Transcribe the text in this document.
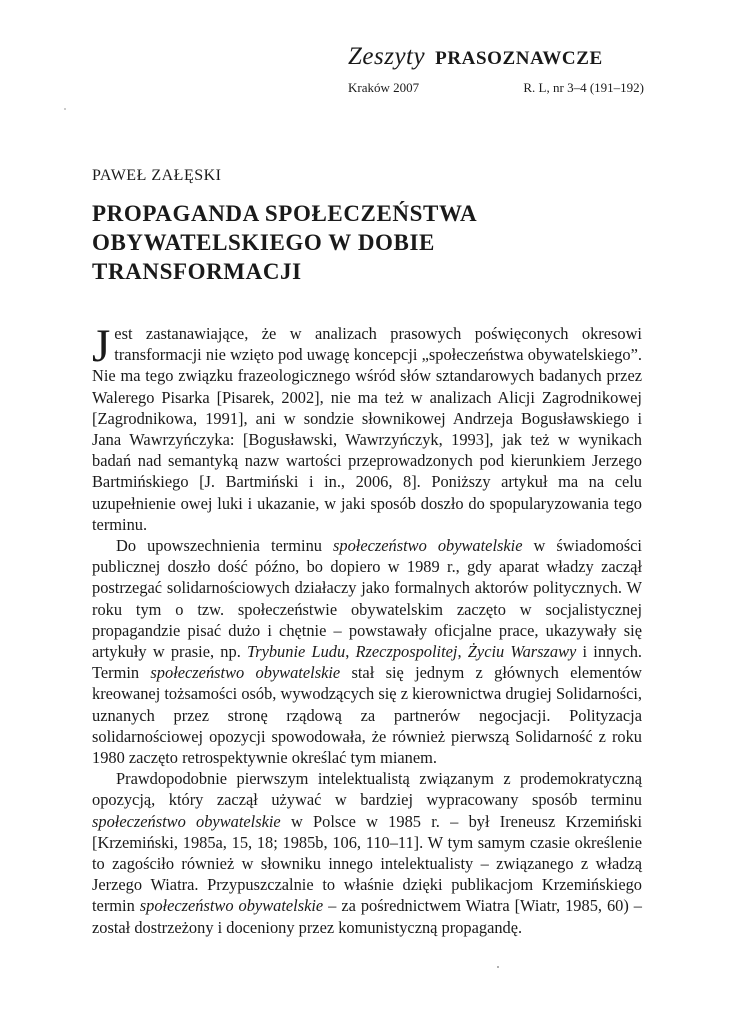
Zeszyty PRASOZNAWCZE
Kraków 2007	R. L, nr 3–4 (191–192)
PAWEŁ ZAŁĘSKI
PROPAGANDA SPOŁECZEŃSTWA
OBYWATELSKIEGO W DOBIE
TRANSFORMACJI

Jest zastanawiające, że w analizach prasowych poświęconych okresowi transformacji nie wzięto pod uwagę koncepcji „społeczeństwa obywatelskiego”. Nie ma tego związku frazeologicznego wśród słów sztandarowych badanych przez Walerego Pisarka [Pisarek, 2002], nie ma też w analizach Alicji Zagrodnikowej [Zagrodnikowa, 1991], ani w sondzie słownikowej Andrzeja Bogusławskiego i Jana Wawrzyńczyka: [Bogusławski, Wawrzyńczyk, 1993], jak też w wynikach badań nad semantyką nazw wartości przeprowadzonych pod kierunkiem Jerzego Bartmińskiego [J. Bartmiński i in., 2006, 8]. Poniższy artykuł ma na celu uzupełnienie owej luki i ukazanie, w jaki sposób doszło do spopularyzowania tego terminu.

Do upowszechnienia terminu społeczeństwo obywatelskie w świadomości publicznej doszło dość późno, bo dopiero w 1989 r., gdy aparat władzy zaczął postrzegać solidarnościowych działaczy jako formalnych aktorów politycznych. W roku tym o tzw. społeczeństwie obywatelskim zaczęto w socjalistycznej propagandzie pisać dużo i chętnie – powstawały oficjalne prace, ukazywały się artykuły w prasie, np. Trybunie Ludu, Rzeczpospolitej, Życiu Warszawy i innych. Termin społeczeństwo obywatelskie stał się jednym z głównych elementów kreowanej tożsamości osób, wywodzących się z kierownictwa drugiej Solidarności, uznanych przez stronę rządową za partnerów negocjacji. Polityzacja solidarnościowej opozycji spowodowała, że również pierwszą Solidarność z roku 1980 zaczęto retrospektywnie określać tym mianem.

Prawdopodobnie pierwszym intelektualistą związanym z prodemokratyczną opozycją, który zaczął używać w bardziej wypracowany sposób terminu społeczeństwo obywatelskie w Polsce w 1985 r. – był Ireneusz Krzemiński [Krzemiński, 1985a, 15, 18; 1985b, 106, 110–11]. W tym samym czasie określenie to zagościło również w słowniku innego intelektualisty – związanego z władzą Jerzego Wiatra. Przypuszczalnie to właśnie dzięki publikacjom Krzemińskiego termin społeczeństwo obywatelskie – za pośrednictwem Wiatra [Wiatr, 1985, 60) – został dostrzeżony i doceniony przez komunistyczną propagandę.
